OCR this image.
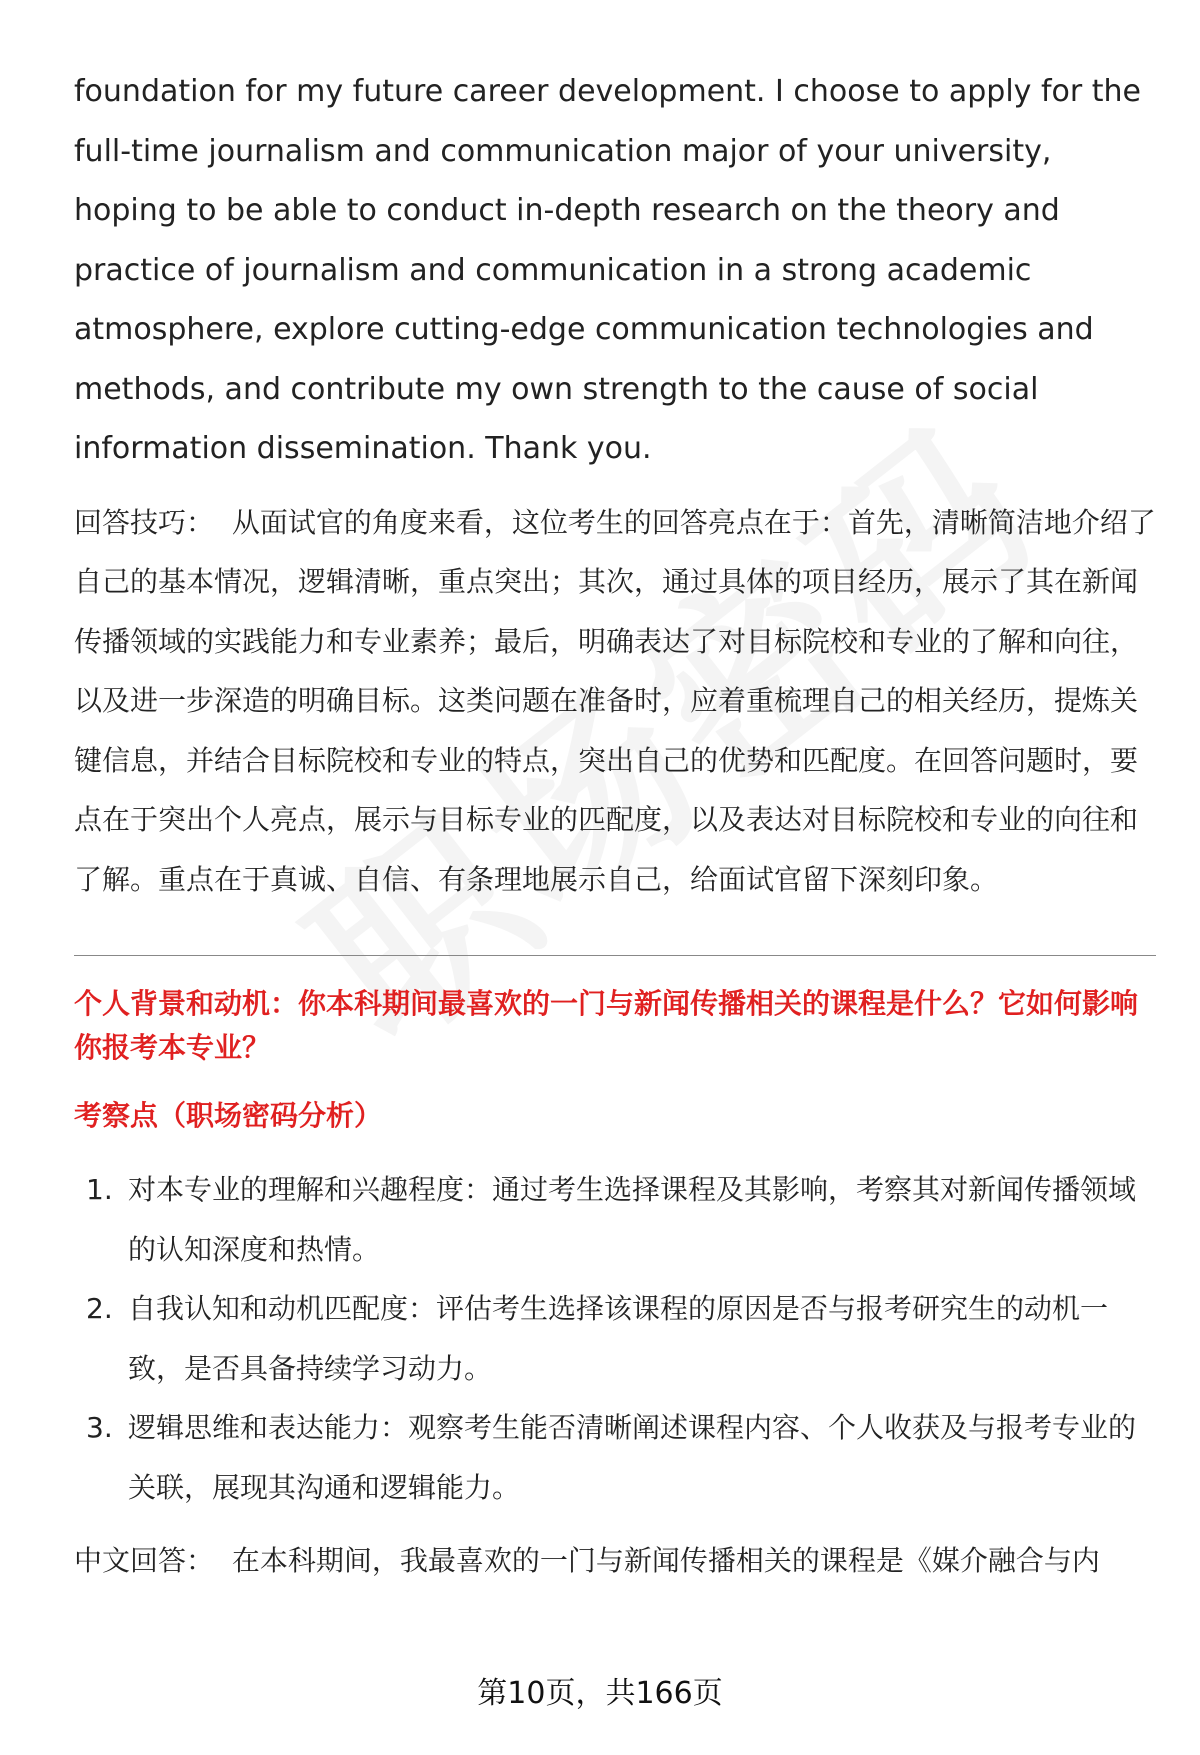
foundation for my future career development. I choose to apply for the full-time journalism and communication major of your university, hoping to be able to conduct in-depth research on the theory and practice of journalism and communication in a strong academic atmosphere, explore cutting-edge communication technologies and methods, and contribute my own strength to the cause of social information dissemination. Thank you.

回答技巧： 从面试官的角度来看，这位考生的回答亮点在于：首先，清晰简洁地介绍了自己的基本情况，逻辑清晰，重点突出；其次，通过具体的项目经历，展示了其在新闻传播领域的实践能力和专业素养；最后，明确表达了对目标院校和专业的了解和向往，以及进一步深造的明确目标。这类问题在准备时，应着重梳理自己的相关经历，提炼关键信息，并结合目标院校和专业的特点，突出自己的优势和匹配度。在回答问题时，要点在于突出个人亮点，展示与目标专业的匹配度，以及表达对目标院校和专业的向往和了解。重点在于真诚、自信、有条理地展示自己，给面试官留下深刻印象。

个人背景和动机：你本科期间最喜欢的一门与新闻传播相关的课程是什么？它如何影响你报考本专业？
考察点（职场密码分析）
1. 对本专业的理解和兴趣程度：通过考生选择课程及其影响，考察其对新闻传播领域的认知深度和热情。
2. 自我认知和动机匹配度：评估考生选择该课程的原因是否与报考研究生的动机一致，是否具备持续学习动力。
3. 逻辑思维和表达能力：观察考生能否清晰阐述课程内容、个人收获及与报考专业的关联，展现其沟通和逻辑能力。

中文回答： 在本科期间，我最喜欢的一门与新闻传播相关的课程是《媒介融合与内

第10页，共166页
